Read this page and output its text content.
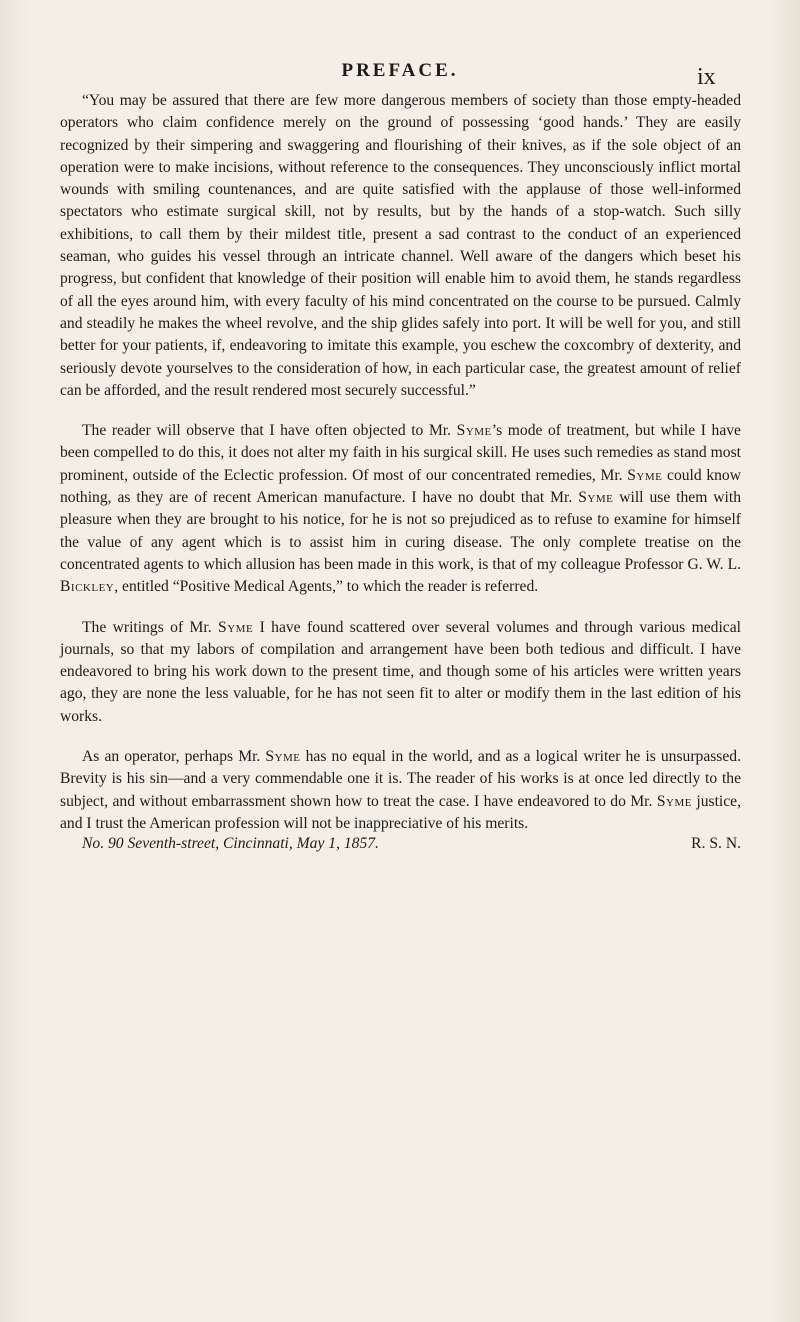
PREFACE.	ix

“You may be assured that there are few more dangerous members of society than those empty-headed operators who claim confidence merely on the ground of possessing ‘good hands.’ They are easily recognized by their simpering and swaggering and flourishing of their knives, as if the sole object of an operation were to make incisions, without reference to the consequences. They unconsciously inflict mortal wounds with smiling countenances, and are quite satisfied with the applause of those well-informed spectators who estimate surgical skill, not by results, but by the hands of a stop-watch. Such silly exhibitions, to call them by their mildest title, present a sad contrast to the conduct of an experienced seaman, who guides his vessel through an intricate channel. Well aware of the dangers which beset his progress, but confident that knowledge of their position will enable him to avoid them, he stands regardless of all the eyes around him, with every faculty of his mind concentrated on the course to be pursued. Calmly and steadily he makes the wheel revolve, and the ship glides safely into port. It will be well for you, and still better for your patients, if, endeavoring to imitate this example, you eschew the coxcombry of dexterity, and seriously devote yourselves to the consideration of how, in each particular case, the greatest amount of relief can be afforded, and the result rendered most securely successful.”

The reader will observe that I have often objected to Mr. Syme’s mode of treatment, but while I have been compelled to do this, it does not alter my faith in his surgical skill. He uses such remedies as stand most prominent, outside of the Eclectic profession. Of most of our concentrated remedies, Mr. Syme could know nothing, as they are of recent American manufacture. I have no doubt that Mr. Syme will use them with pleasure when they are brought to his notice, for he is not so prejudiced as to refuse to examine for himself the value of any agent which is to assist him in curing disease. The only complete treatise on the concentrated agents to which allusion has been made in this work, is that of my colleague Professor G. W. L. Bickley, entitled “Positive Medical Agents,” to which the reader is referred.

The writings of Mr. Syme I have found scattered over several volumes and through various medical journals, so that my labors of compilation and arrangement have been both tedious and difficult. I have endeavored to bring his work down to the present time, and though some of his articles were written years ago, they are none the less valuable, for he has not seen fit to alter or modify them in the last edition of his works.

As an operator, perhaps Mr. Syme has no equal in the world, and as a logical writer he is unsurpassed. Brevity is his sin—and a very commendable one it is. The reader of his works is at once led directly to the subject, and without embarrassment shown how to treat the case. I have endeavored to do Mr. Syme justice, and I trust the American profession will not be inappreciative of his merits.

No. 90 Seventh-street, Cincinnati, May 1, 1857.	R. S. N.
